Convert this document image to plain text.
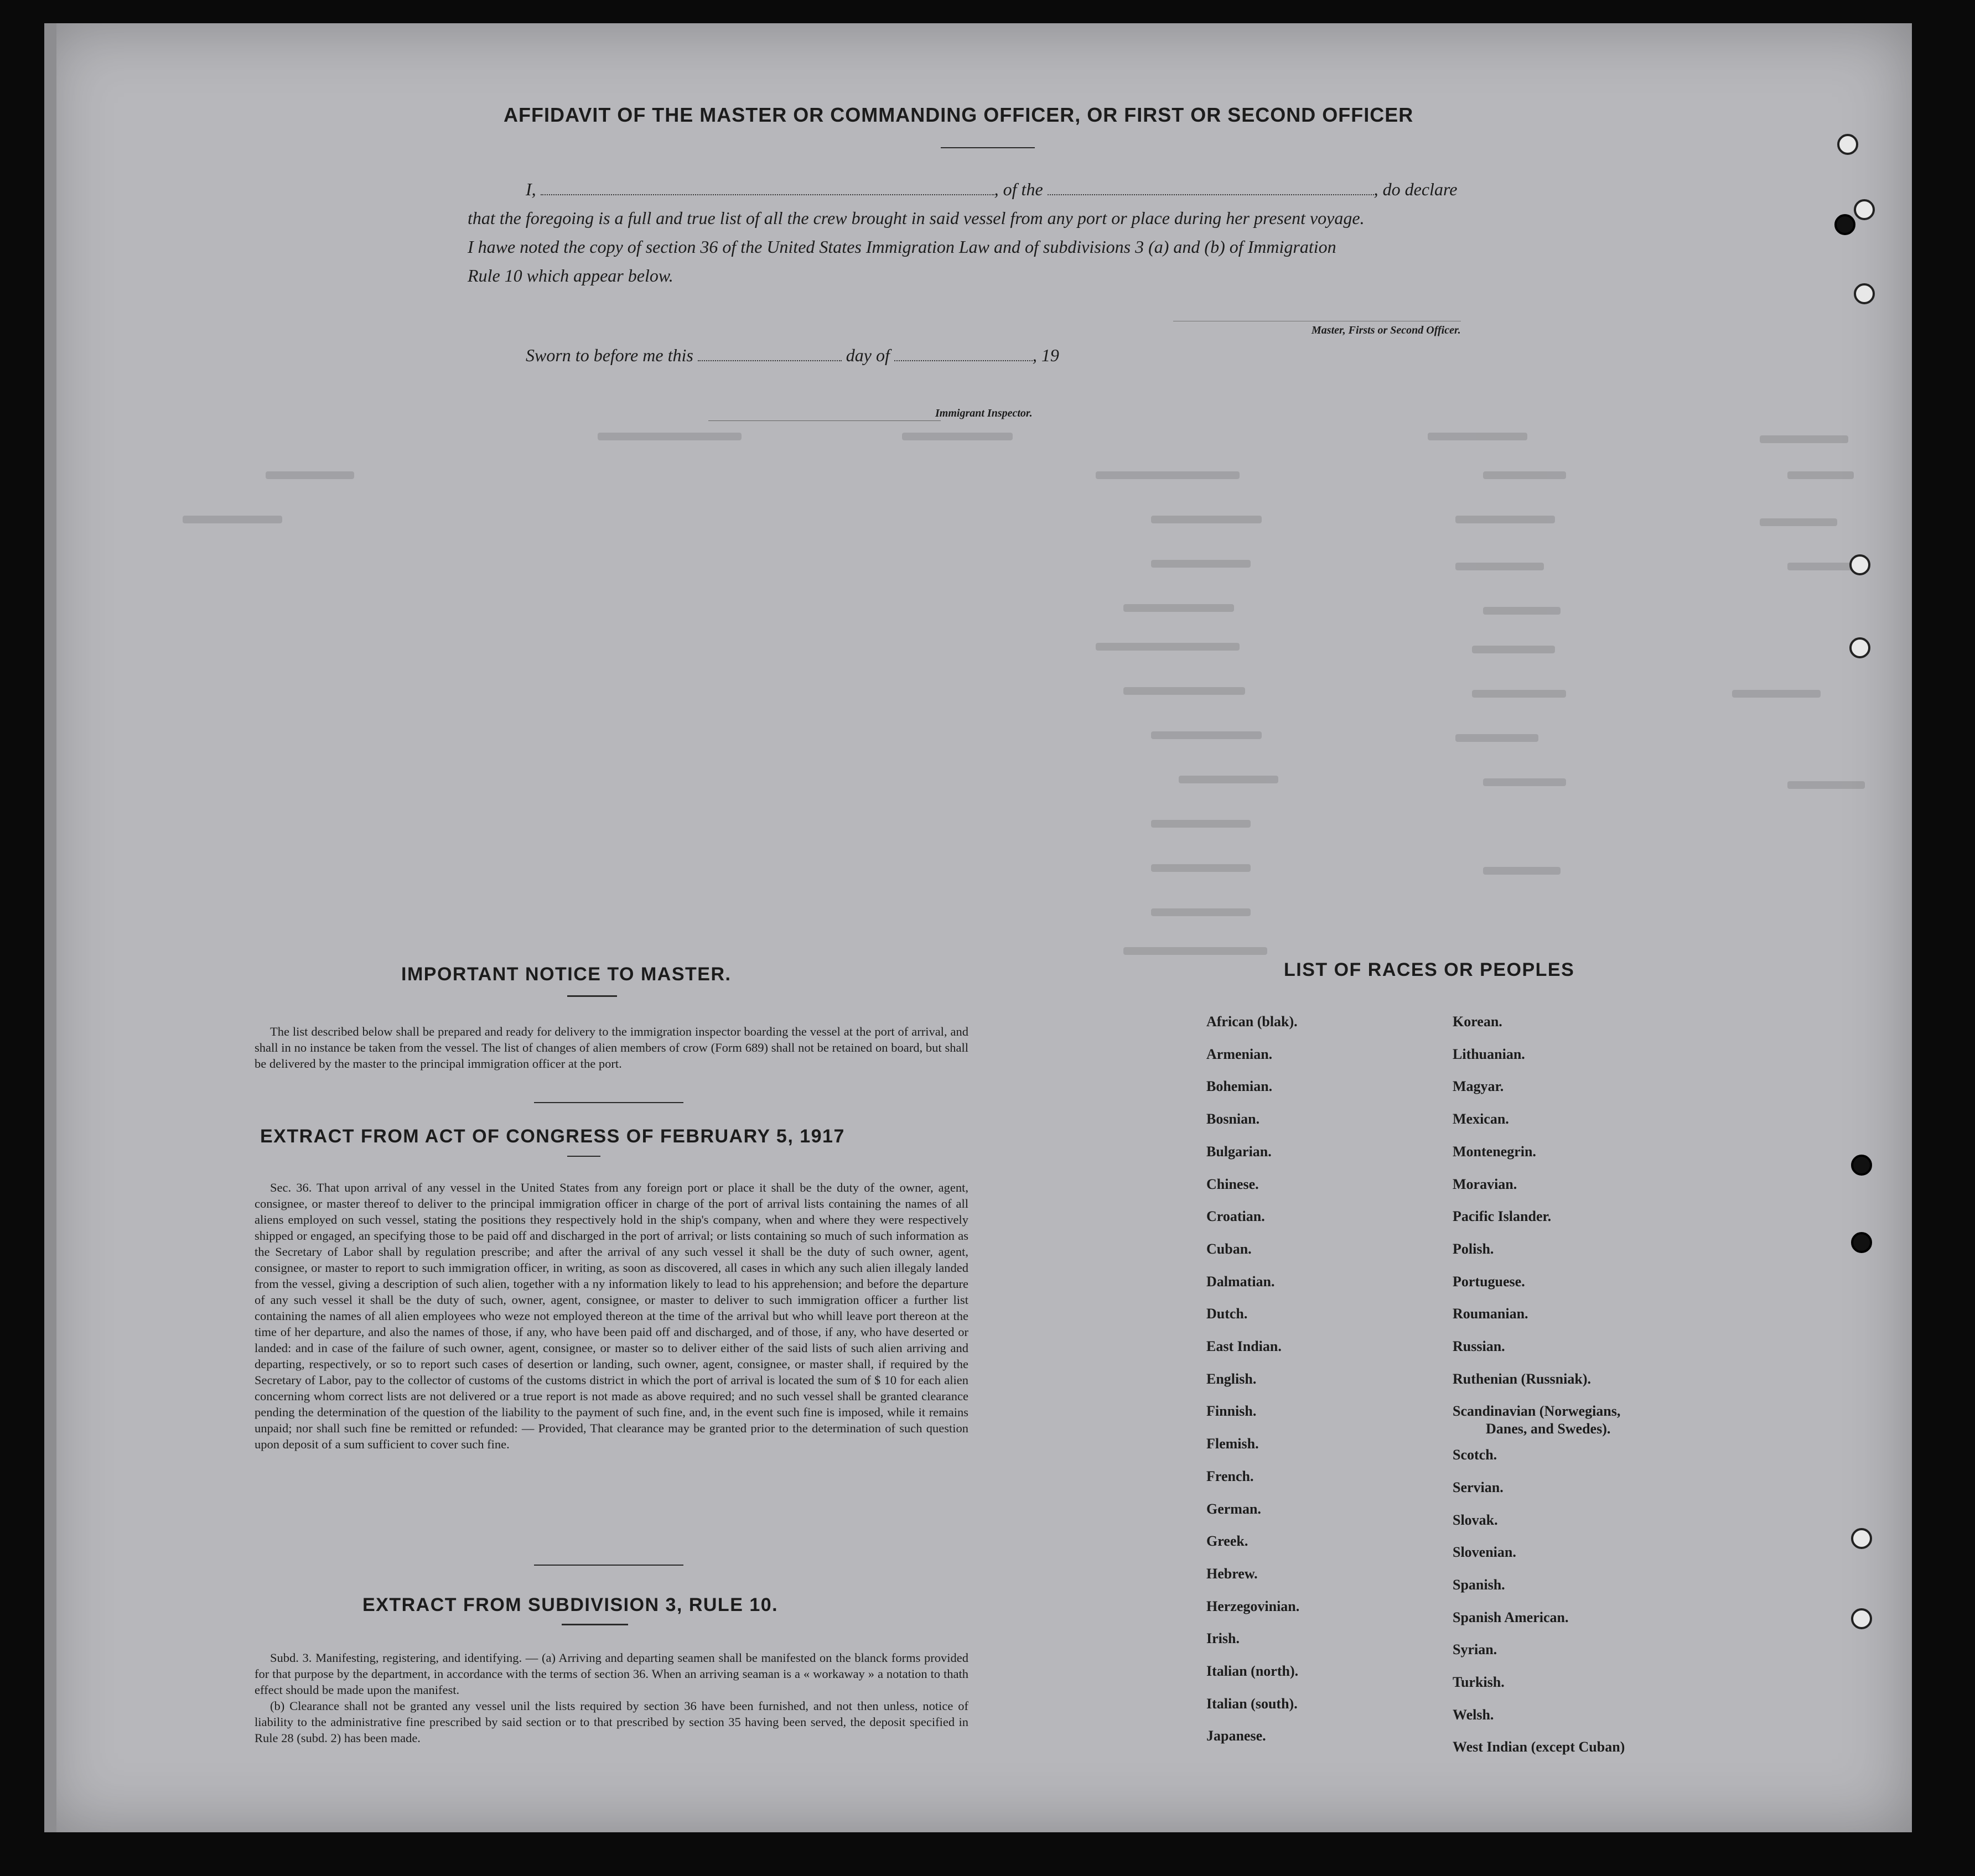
AFFIDAVIT OF THE MASTER OR COMMANDING OFFICER, OR FIRST OR SECOND OFFICER
I,	, of the	, do declare
that the foregoing is a full and true list of all the crew brought in said vessel from any port or place during her present voyage.
I hawe noted the copy of section 36 of the United States Immigration Law and of subdivisions 3 (a) and (b) of Immigration
Rule 10 which appear below.
Master, Firsts or Second Officer.
Sworn to before me this	day of	, 19
Immigrant Inspector.
IMPORTANT NOTICE TO MASTER.

The list described below shall be prepared and ready for delivery to the immigration inspector boarding the vessel at the port of arrival, and shall in no instance be taken from the vessel. The list of changes of alien members of crow (Form 689) shall not be retained on board, but shall be delivered by the master to the principal immigration officer at the port.

EXTRACT FROM ACT OF CONGRESS OF FEBRUARY 5, 1917

Sec. 36. That upon arrival of any vessel in the United States from any foreign port or place it shall be the duty of the owner, agent, consignee, or master thereof to deliver to the principal immigration officer in charge of the port of arrival lists containing the names of all aliens employed on such vessel, stating the positions they respectively hold in the ship's company, when and where they were respectively shipped or engaged, an specifying those to be paid off and discharged in the port of arrival; or lists containing so much of such information as the Secretary of Labor shall by regulation prescribe; and after the arrival of any such vessel it shall be the duty of such owner, agent, consignee, or master to report to such immigration officer, in writing, as soon as discovered, all cases in which any such alien illegaly landed from the vessel, giving a description of such alien, together with a ny information likely to lead to his apprehension; and before the departure of any such vessel it shall be the duty of such, owner, agent, consignee, or master to deliver to such immigration officer a further list containing the names of all alien employees who weze not employed thereon at the time of the arrival but who whill leave port thereon at the time of her departure, and also the names of those, if any, who have been paid off and discharged, and of those, if any, who have deserted or landed: and in case of the failure of such owner, agent, consignee, or master so to deliver either of the said lists of such alien arriving and departing, respectively, or so to report such cases of desertion or landing, such owner, agent, consignee, or master shall, if required by the Secretary of Labor, pay to the collector of customs of the customs district in which the port of arrival is located the sum of $ 10 for each alien concerning whom correct lists are not delivered or a true report is not made as above required; and no such vessel shall be granted clearance pending the determination of the question of the liability to the payment of such fine, and, in the event such fine is imposed, while it remains unpaid; nor shall such fine be remitted or refunded: — Provided, That clearance may be granted prior to the determination of such question upon deposit of a sum sufficient to cover such fine.

EXTRACT FROM SUBDIVISION 3, RULE 10.

Subd. 3. Manifesting, registering, and identifying. — (a) Arriving and departing seamen shall be manifested on the blanck forms provided for that purpose by the department, in accordance with the terms of section 36. When an arriving seaman is a « workaway » a notation to thath effect should be made upon the manifest.

(b) Clearance shall not be granted any vessel unil the lists required by section 36 have been furnished, and not then unless, notice of liability to the administrative fine prescribed by said section or to that prescribed by section 35 having been served, the deposit specified in Rule 28 (subd. 2) has been made.

LIST OF RACES OR PEOPLES
African (blak).
Armenian.
Bohemian.
Bosnian.
Bulgarian.
Chinese.
Croatian.
Cuban.
Dalmatian.
Dutch.
East Indian.
English.
Finnish.
Flemish.
French.
German.
Greek.
Hebrew.
Herzegovinian.
Irish.
Italian (north).
Italian (south).
Japanese.
Korean.
Lithuanian.
Magyar.
Mexican.
Montenegrin.
Moravian.
Pacific Islander.
Polish.
Portuguese.
Roumanian.
Russian.
Ruthenian (Russniak).
Scandinavian (Norwegians,
Danes, and Swedes).
Scotch.
Servian.
Slovak.
Slovenian.
Spanish.
Spanish American.
Syrian.
Turkish.
Welsh.
West Indian (except Cuban)
